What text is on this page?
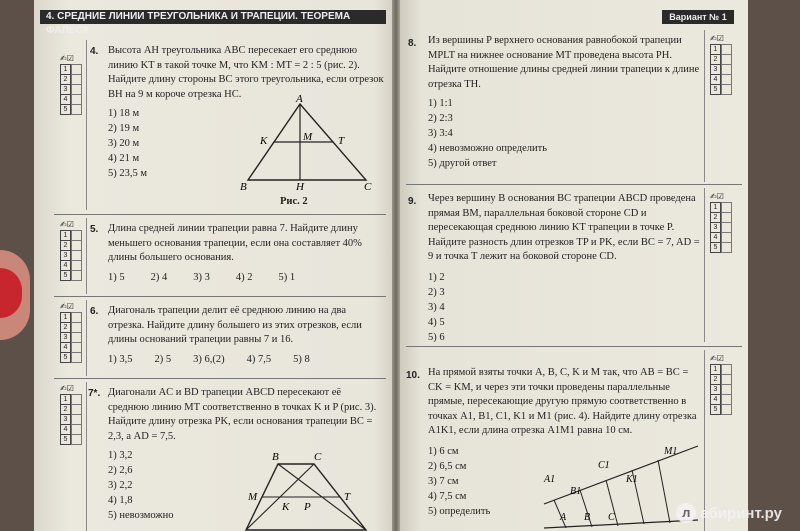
4. СРЕДНИЕ ЛИНИИ ТРЕУГОЛЬНИКА И ТРАПЕЦИИ. ТЕОРЕМА ФАЛЕСА
✍☑
1
2
3
4
5
4. Высота AH треугольника ABC пересекает его среднюю линию KT в такой точке M, что KM : MT = 2 : 5 (рис. 2). Найдите длину стороны BC этого треугольника, если отрезок BH на 9 м короче отрезка HC.
1) 18 м
2) 19 м
3) 20 м
4) 21 м
5) 23,5 м
A
K	M T
B	H	C
Рис. 2
✍☑
1
2
3
4
5
5. Длина средней линии трапеции равна 7. Найдите длину меньшего основания трапеции, если она составляет 40% длины большего основания.
1) 5 2) 4 3) 3 4) 2 5) 1
✍☑
1
2
3
4
5
6. Диагональ трапеции делит её среднюю линию на два отрезка. Найдите длину большего из этих отрезков, если длины оснований трапеции равны 7 и 16.
1) 3,5 2) 5 3) 6,(2) 4) 7,5 5) 8
✍☑
1
2
3
4
5
7*. Диагонали AC и BD трапеции ABCD пересекают её среднюю линию MT соответственно в точках K и P (рис. 3). Найдите длину отрезка PK, если основания трапеции BC = 2,3, а AD = 7,5.
1) 3,2
2) 2,6
3) 2,2
4) 1,8
5) невозможно
B	C
M	T
K P
Вариант № 1
8. Из вершины P верхнего основания равнобокой трапеции MPLT на нижнее основание MT проведена высота PH. Найдите отношение длины средней линии трапеции к длине отрезка TH.
1) 1:1
2) 2:3
3) 3:4
4) невозможно определить
5) другой ответ
✍☑
1
2
3
4
5
9. Через вершину B основания BC трапеции ABCD проведена прямая BM, параллельная боковой стороне CD и пересекающая среднюю линию KT трапеции в точке P. Найдите разность длин отрезков TP и PK, если BC = 7, AD = 9 и точка T лежит на боковой стороне CD.
1) 2
2) 3
3) 4
4) 5
5) 6
✍☑
1
2
3
4
5
10. На прямой взяты точки A, B, C, K и M так, что AB = BC = CK = KM, и через эти точки проведены параллельные прямые, пересекающие другую прямую соответственно в точках A1, B1, C1, K1 и M1 (рис. 4). Найдите длину отрезка A1K1, если длина отрезка A1M1 равна 10 см.
1) 6 см
2) 6,5 см
3) 7 см
4) 7,5 см
5) определить
✍☑
1
2
3
4
5
A1
B1
C1
K1
M1
A B C	л абиринт.ру
